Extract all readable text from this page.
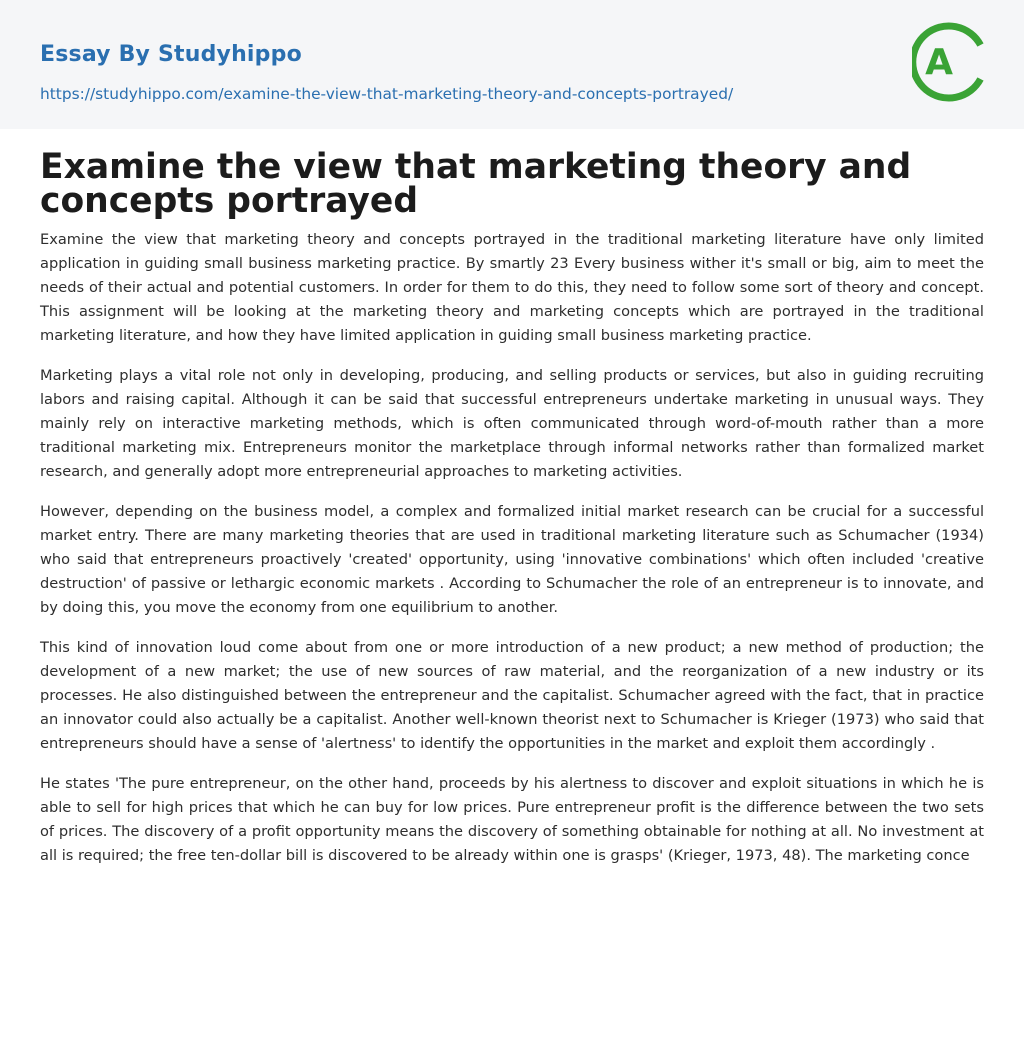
Essay By Studyhippo
https://studyhippo.com/examine-the-view-that-marketing-theory-and-concepts-portrayed/
A
Examine the view that marketing theory and concepts portrayed

Examine the view that marketing theory and concepts portrayed in the traditional marketing literature have only limited application in guiding small business marketing practice. By smartly 23 Every business wither it's small or big, aim to meet the needs of their actual and potential customers. In order for them to do this, they need to follow some sort of theory and concept. This assignment will be looking at the marketing theory and marketing concepts which are portrayed in the traditional marketing literature, and how they have limited application in guiding small business marketing practice.

Marketing plays a vital role not only in developing, producing, and selling products or services, but also in guiding recruiting labors and raising capital. Although it can be said that successful entrepreneurs undertake marketing in unusual ways. They mainly rely on interactive marketing methods, which is often communicated through word-of-mouth rather than a more traditional marketing mix. Entrepreneurs monitor the marketplace through informal networks rather than formalized market research, and generally adopt more entrepreneurial approaches to marketing activities.

However, depending on the business model, a complex and formalized initial market research can be crucial for a successful market entry. There are many marketing theories that are used in traditional marketing literature such as Schumacher (1934) who said that entrepreneurs proactively 'created' opportunity, using 'innovative combinations' which often included 'creative destruction' of passive or lethargic economic markets . According to Schumacher the role of an entrepreneur is to innovate, and by doing this, you move the economy from one equilibrium to another.

This kind of innovation loud come about from one or more introduction of a new product; a new method of production; the development of a new market; the use of new sources of raw material, and the reorganization of a new industry or its processes. He also distinguished between the entrepreneur and the capitalist. Schumacher agreed with the fact, that in practice an innovator could also actually be a capitalist. Another well-known theorist next to Schumacher is Krieger (1973) who said that entrepreneurs should have a sense of 'alertness' to identify the opportunities in the market and exploit them accordingly .

He states 'The pure entrepreneur, on the other hand, proceeds by his alertness to discover and exploit situations in which he is able to sell for high prices that which he can buy for low prices. Pure entrepreneur profit is the difference between the two sets of prices. The discovery of a profit opportunity means the discovery of something obtainable for nothing at all. No investment at all is required; the free ten-dollar bill is discovered to be already within one is grasps' (Krieger, 1973, 48). The marketing conce
